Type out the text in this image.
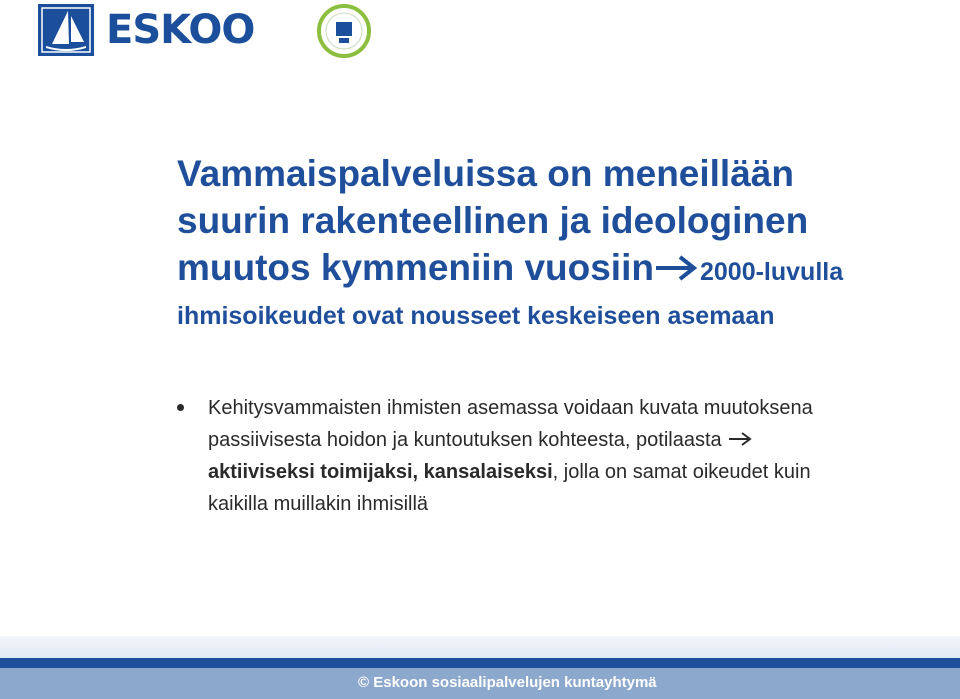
ESKOO
Vammaispalveluissa on meneillään
suurin rakenteellinen ja ideologinen
muutos kymmeniin vuosiin 2000-luvulla
ihmisoikeudet ovat nousseet keskeiseen asemaan
Kehitysvammaisten ihmisten asemassa voidaan kuvata muutoksena
passiivisesta hoidon ja kuntoutuksen kohteesta, potilaasta
aktiiviseksi toimijaksi, kansalaiseksi, jolla on samat oikeudet kuin
kaikilla muillakin ihmisillä
© Eskoon sosiaalipalvelujen kuntayhtymä
